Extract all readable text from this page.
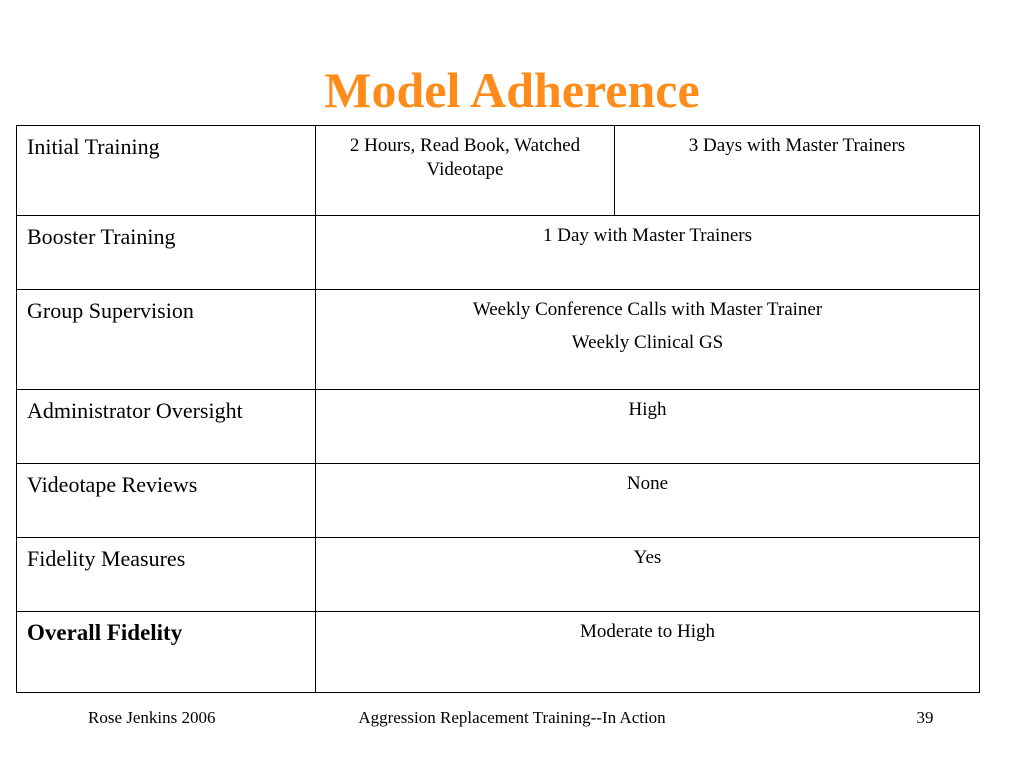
Model Adherence
Initial Training	2 Hours, Read Book, Watched Videotape	3 Days with Master Trainers
Booster Training	1 Day with Master Trainers	
Group Supervision	Weekly Conference Calls with Master Trainer

Weekly Clinical GS	

Administrator Oversight	High	
Videotape Reviews	None	
Fidelity Measures	Yes	
Overall Fidelity	Moderate to High	
Rose Jenkins 2006	Aggression Replacement Training--In Action	39
